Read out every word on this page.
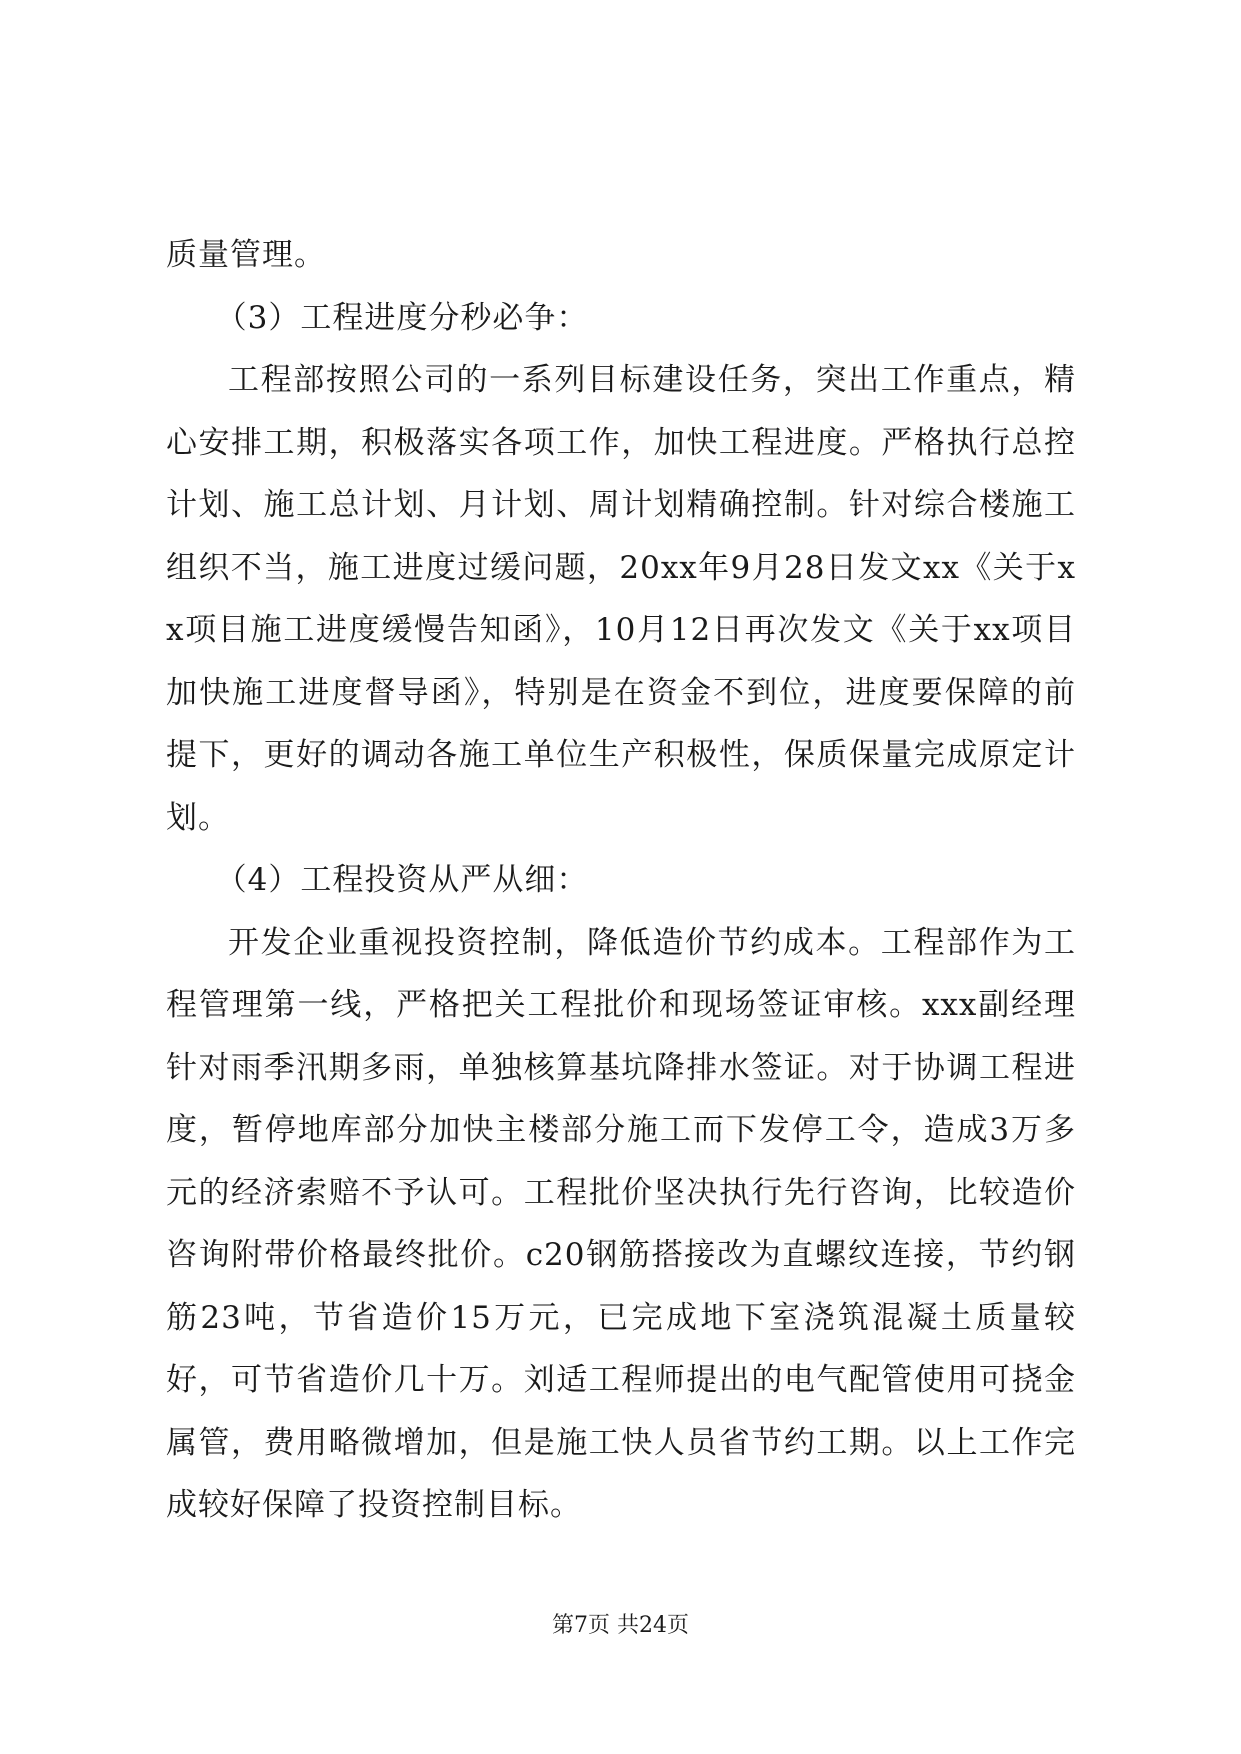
质量管理。

（3）工程进度分秒必争：

工程部按照公司的一系列目标建设任务，突出工作重点，精心安排工期，积极落实各项工作，加快工程进度。严格执行总控计划、施工总计划、月计划、周计划精确控制。针对综合楼施工组织不当，施工进度过缓问题，20xx年9月28日发文xx《关于xx项目施工进度缓慢告知函》，10月12日再次发文《关于xx项目加快施工进度督导函》，特别是在资金不到位，进度要保障的前提下，更好的调动各施工单位生产积极性，保质保量完成原定计划。

（4）工程投资从严从细：

开发企业重视投资控制，降低造价节约成本。工程部作为工程管理第一线，严格把关工程批价和现场签证审核。xxx副经理针对雨季汛期多雨，单独核算基坑降排水签证。对于协调工程进度，暂停地库部分加快主楼部分施工而下发停工令，造成3万多元的经济索赔不予认可。工程批价坚决执行先行咨询，比较造价咨询附带价格最终批价。c20钢筋搭接改为直螺纹连接，节约钢筋23吨，节省造价15万元，已完成地下室浇筑混凝土质量较好，可节省造价几十万。刘适工程师提出的电气配管使用可挠金属管，费用略微增加，但是施工快人员省节约工期。以上工作完成较好保障了投资控制目标。

第7页 共24页
